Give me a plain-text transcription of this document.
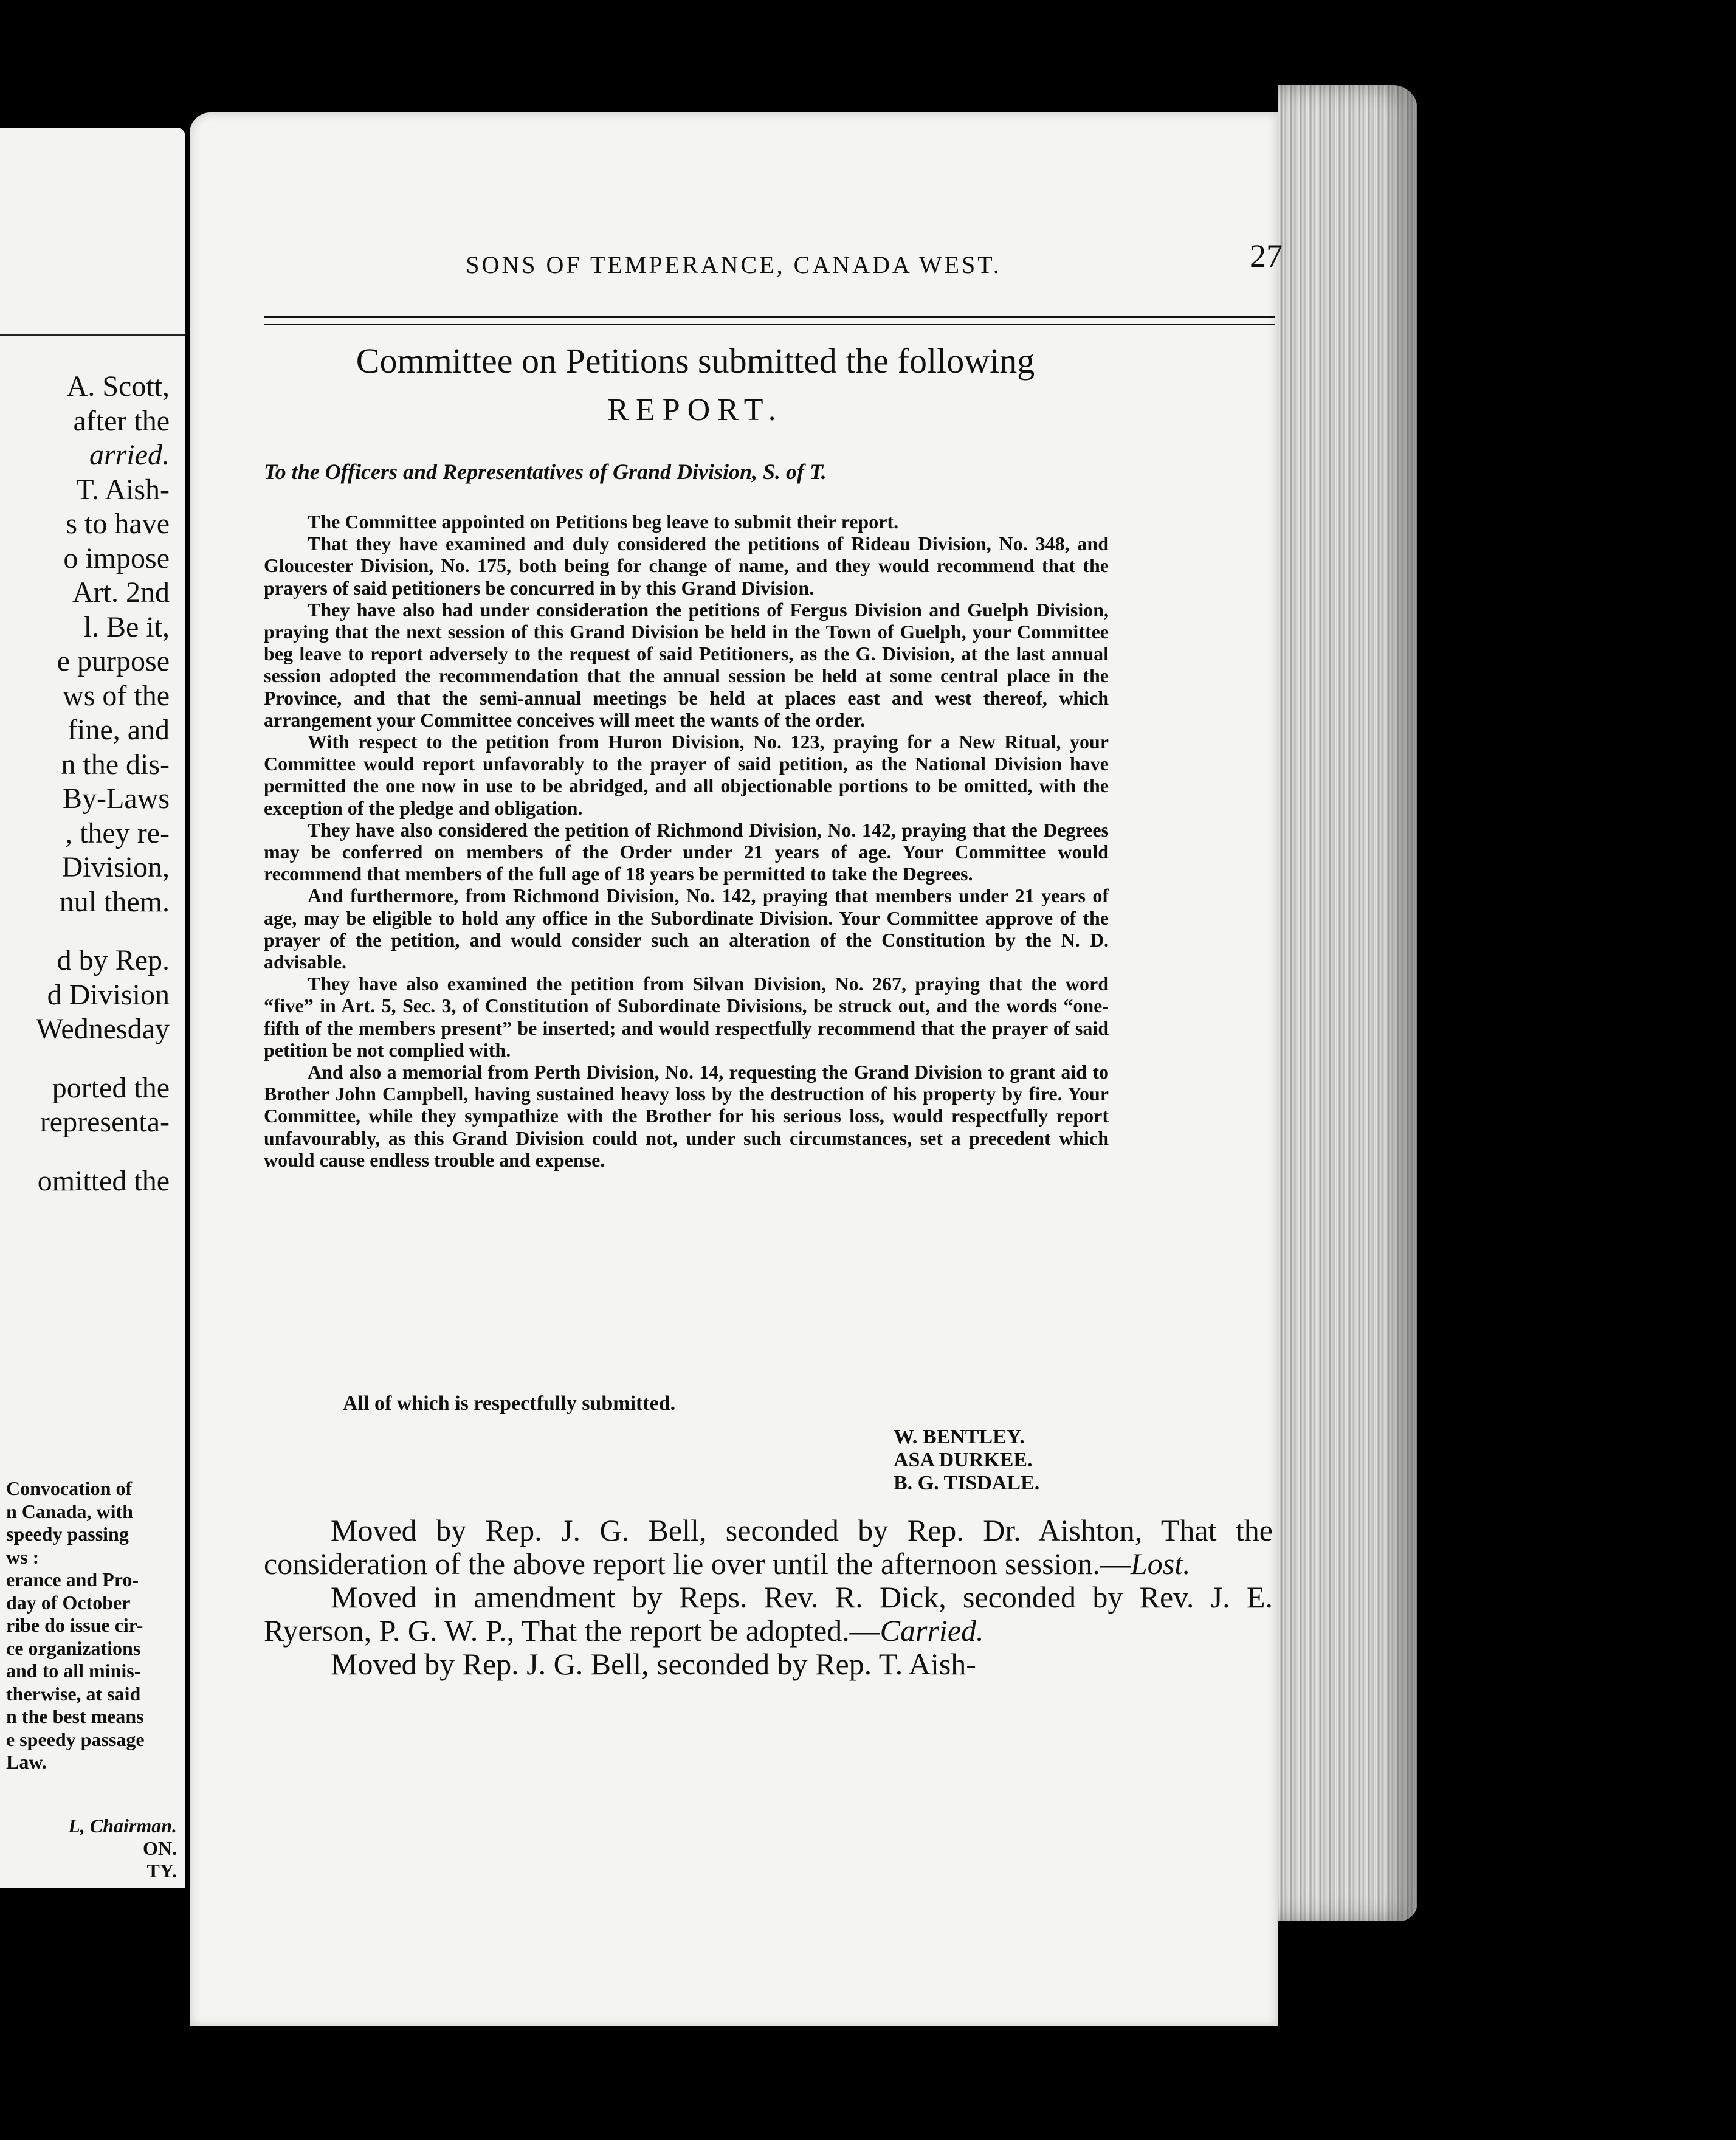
A. Scott,
after the
arried.
T. Aish-
s to have
o impose
Art. 2nd
l. Be it,
e purpose
ws of the
fine, and
n the dis-
By-Laws
, they re-
Division,
nul them.
d by Rep.
d Division
Wednesday
ported the
representa-
omitted the
Convocation of
n Canada, with
speedy passing
ws :
erance and Pro-
day of October
ribe do issue cir-
ce organizations
and to all minis-
therwise, at said
n the best means
e speedy passage
Law.
L, Chairman.
ON.
TY.
SONS OF TEMPERANCE, CANADA WEST.	27
Committee on Petitions submitted the following
REPORT.
To the Officers and Representatives of Grand Division, S. of T.

The Committee appointed on Petitions beg leave to submit their report.

That they have examined and duly considered the petitions of Rideau Division, No. 348, and Gloucester Division, No. 175, both being for change of name, and they would recommend that the prayers of said petitioners be concurred in by this Grand Division.

They have also had under consideration the petitions of Fergus Division and Guelph Division, praying that the next session of this Grand Division be held in the Town of Guelph, your Committee beg leave to report adversely to the request of said Petitioners, as the G. Division, at the last annual session adopted the recommendation that the annual session be held at some central place in the Province, and that the semi-annual meetings be held at places east and west thereof, which arrangement your Committee conceives will meet the wants of the order.

With respect to the petition from Huron Division, No. 123, praying for a New Ritual, your Committee would report unfavorably to the prayer of said petition, as the National Division have permitted the one now in use to be abridged, and all objectionable portions to be omitted, with the exception of the pledge and obligation.

They have also considered the petition of Richmond Division, No. 142, praying that the Degrees may be conferred on members of the Order under 21 years of age. Your Committee would recommend that members of the full age of 18 years be permitted to take the Degrees.

And furthermore, from Richmond Division, No. 142, praying that members under 21 years of age, may be eligible to hold any office in the Subordinate Division. Your Committee approve of the prayer of the petition, and would consider such an alteration of the Constitution by the N. D. advisable.

They have also examined the petition from Silvan Division, No. 267, praying that the word “five” in Art. 5, Sec. 3, of Constitution of Subordinate Divisions, be struck out, and the words “one-fifth of the members present” be inserted; and would respectfully recommend that the prayer of said petition be not complied with.

And also a memorial from Perth Division, No. 14, requesting the Grand Division to grant aid to Brother John Campbell, having sustained heavy loss by the destruction of his property by fire. Your Committee, while they sympathize with the Brother for his serious loss, would respectfully report unfavourably, as this Grand Division could not, under such circumstances, set a precedent which would cause endless trouble and expense.

All of which is respectfully submitted.
W. BENTLEY.
ASA DURKEE.
B. G. TISDALE.

Moved by Rep. J. G. Bell, seconded by Rep. Dr. Aishton, That the consideration of the above report lie over until the afternoon session.—Lost.

Moved in amendment by Reps. Rev. R. Dick, seconded by Rev. J. E. Ryerson, P. G. W. P., That the report be adopted.—Carried.

Moved by Rep. J. G. Bell, seconded by Rep. T. Aish-
